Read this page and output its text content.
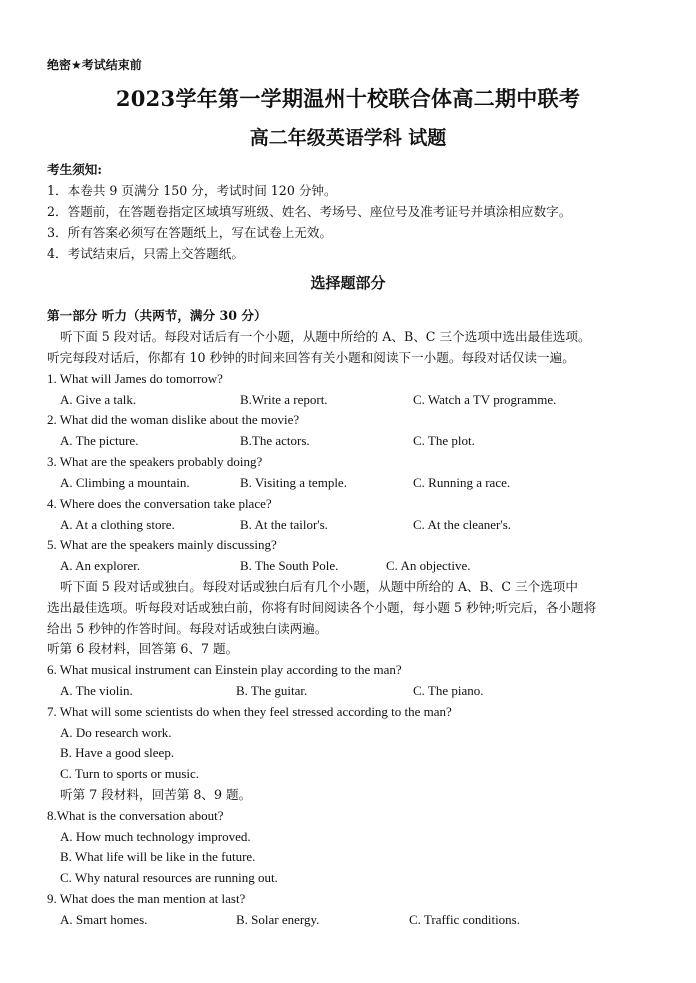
绝密★考试结束前
2023学年第一学期温州十校联合体高二期中联考
高二年级英语学科 试题
考生须知:
1．本卷共 9 页满分 150 分，考试时间 120 分钟。
2．答题前，在答题卷指定区域填写班级、姓名、考场号、座位号及准考证号并填涂相应数字。
3．所有答案必须写在答题纸上，写在试卷上无效。
4．考试结束后，只需上交答题纸。
选择题部分
第一部分 听力（共两节，满分 30 分）
听下面 5 段对话。每段对话后有一个小题，从题中所给的 A、B、C 三个选项中选出最佳选项。
听完每段对话后，你都有 10 秒钟的时间来回答有关小题和阅读下一小题。每段对话仅读一遍。
1. What will James do tomorrow?
A. Give a talk.	B.Write a report.	C. Watch a TV programme.
2. What did the woman dislike about the movie?
A. The picture.	B.The actors.	C. The plot.
3. What are the speakers probably doing?
A. Climbing a mountain.	B. Visiting a temple.	C. Running a race.
4. Where does the conversation take place?
A. At a clothing store.	B. At the tailor's.	C. At the cleaner's.
5. What are the speakers mainly discussing?
A. An explorer.	B. The South Pole.	C. An objective.
听下面 5 段对话或独白。每段对话或独白后有几个小题，从题中所给的 A、B、C 三个选项中
选出最佳选项。听每段对话或独白前，你将有时间阅读各个小题，每小题 5 秒钟;听完后，各小题将
给出 5 秒钟的作答时间。每段对话或独白读两遍。
听第 6 段材料，回答第 6、7 题。
6. What musical instrument can Einstein play according to the man?
A. The violin.	B. The guitar.	C. The piano.
7. What will some scientists do when they feel stressed according to the man?
A. Do research work.
B. Have a good sleep.
C. Turn to sports or music.
听第 7 段材料，回苦第 8、9 题。
8.What is the conversation about?
A. How much technology improved.
B. What life will be like in the future.
C. Why natural resources are running out.
9. What does the man mention at last?
A. Smart homes.	B. Solar energy.	C. Traffic conditions.
